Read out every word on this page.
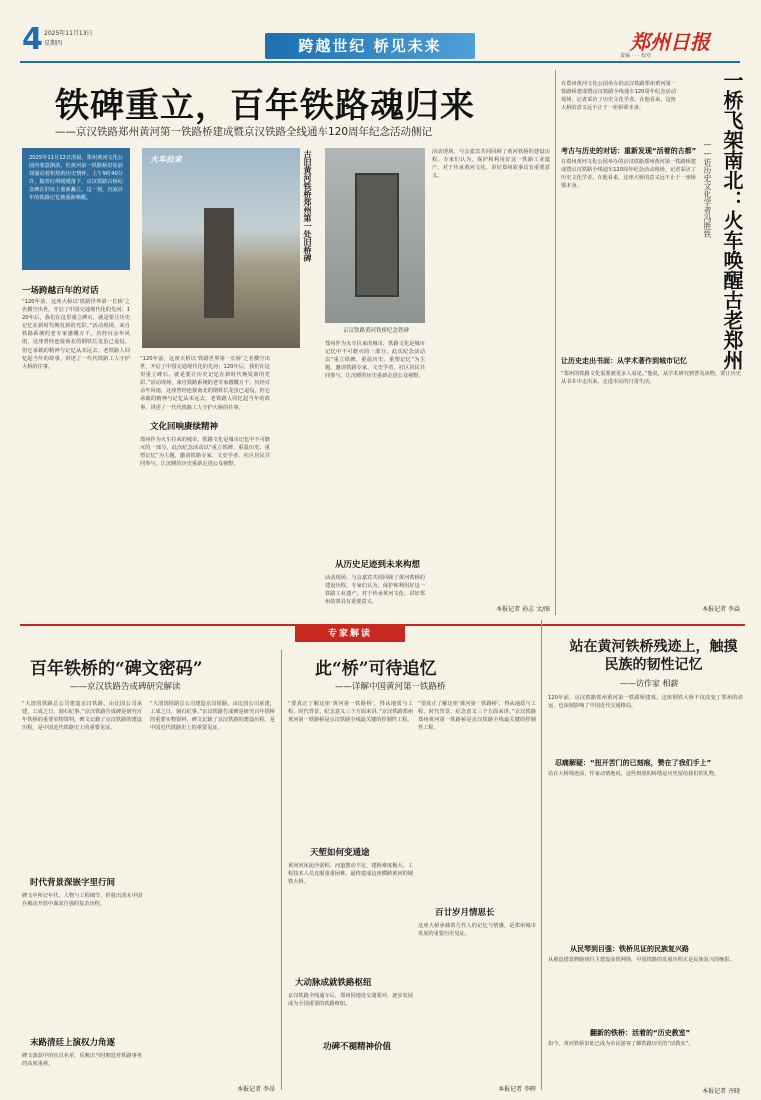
4 2025年11月13日
星期四	跨越世纪 桥见未来	郑州日报
责编 · · · 校对
铁碑重立，百年铁路魂归来
——京汉铁路郑州黄河第一铁路桥建成暨京汉铁路全线通车120周年纪念活动侧记
2025年11月12日清晨，郑州黄河文化公园内寒意渐浓，但黄河第一铁路桥旧址前却涌动着炽热的历史情怀。上午9时40分许，随着红绸缓缓落下，京汉铁路古桥纪念碑在旧址上重新矗立。这一刻，沉寂百年的铁路记忆被重新唤醒。
火车拉来	古旧黄河铁桥郑州第一处旧桥碑
京汉铁路黄河铁桥纪念铁碑
一场跨越百年的对话
“120年前，这座大桥以‘铁路世界第一长桥’之名横空出世，开启了中国交通现代化的先河；120年后，我们在这里重立碑石，就是要让历史记忆在新时代焕发新的光彩。”活动现场，来自铁路系统的老专家感慨万千。历经百余年风雨，这座曾经连接南北的钢铁长龙虽已退役，但它承载的精神与记忆从未远去。老铁路人回忆起当年的故事，讲述了一代代铁路工人守护大桥的往事。
“120年前，这座大桥以‘铁路世界第一长桥’之名横空出世，开启了中国交通现代化的先河；120年后，我们在这里重立碑石，就是要让历史记忆在新时代焕发新的光彩。”活动现场，来自铁路系统的老专家感慨万千。历经百余年风雨，这座曾经连接南北的钢铁长龙虽已退役，但它承载的精神与记忆从未远去。老铁路人回忆起当年的故事，讲述了一代代铁路工人守护大桥的往事。
文化回响赓续精神
郑州作为火车拉来的城市，铁路文化是城市记忆中不可磨灭的一部分。此次纪念活动以“重立铁碑、重温历史、重塑记忆”为主题，邀请铁路专家、文史学者、社区居民共同参与，让沉睡的历史重新走进公众视野。
郑州作为火车拉来的城市，铁路文化是城市记忆中不可磨灭的一部分。此次纪念活动以“重立铁碑、重温历史、重塑记忆”为主题，邀请铁路专家、文史学者、社区居民共同参与，让沉睡的历史重新走进公众视野。
从历史足迹到未来构想
活动现场，与会嘉宾共同回顾了黄河铁桥的建设历程。专家们认为，保护和利用好这一铁路工业遗产，对于传承黄河文化、讲好郑州故事具有重要意义。
活动现场，与会嘉宾共同回顾了黄河铁桥的建设历程。专家们认为，保护和利用好这一铁路工业遗产，对于传承黄河文化、讲好郑州故事具有重要意义。
本报记者 孙志 文/图
在郑州黄河文化公园举办的京汉铁路郑州黄河第一铁路桥建成暨京汉铁路全线通车120周年纪念活动现场，记者采访了历史文化学者。在他看来，这座大桥的意义远不止于一座桥梁本身。	一桥飞架南北：火车唤醒古老郑州
——访历史文化学者冯胜铁
考古与历史的对话：重新发现“活着的古都”
在郑州黄河文化公园举办的京汉铁路郑州黄河第一铁路桥建成暨京汉铁路全线通车120周年纪念活动现场，记者采访了历史文化学者。在他看来，这座大桥的意义远不止于一座桥梁本身。
让历史走出书面：从学术著作到城市记忆
“郑州的铁路文化需要被更多人看见。”他说，从学术研究到普及读物，要让历史从书本中走出来，走进市民的日常生活。
本报记者 李焱
专家解读
百年铁桥的“碑文密码”
——京汉铁路告成碑研究解读
“大清国铁路总公司建造京汉铁路，由比国公司承建，工成之日，刻石纪事。”京汉铁路告成碑是研究百年铁桥的重要实物资料，碑文记载了京汉铁路的建设历程，是中国近代铁路史上的重要见证。
时代背景深嵌字里行间
碑文中所记年代、人物与工程细节，折射出清末中国在被动开放中谋求自强的复杂历程。
末路清廷上演权力角逐
碑文落款中的官员名单，反映出当时朝廷对铁路事务的高度重视。
“大清国铁路总公司建造京汉铁路，由比国公司承建，工成之日，刻石纪事。”京汉铁路告成碑是研究百年铁桥的重要实物资料，碑文记载了京汉铁路的建设历程，是中国近代铁路史上的重要见证。
本报记者 李昂
此“桥”可待追忆
——详解中国黄河第一铁路桥
“要真正了解这座‘黄河第一铁路桥’，得从地质与工程、时代背景、纪念意义三个方面来讲。”京汉铁路郑州黄河第一铁路桥是京汉铁路全线最关键的控制性工程。
天堑如何变通途
黄河河床泥沙淤积、河道摆动不定，建桥难度极大。工程技术人员克服重重困难，最终建成这座横跨黄河的钢铁大桥。
大动脉成就铁路枢纽
京汉铁路全线通车后，郑州因地处交通要冲，逐步发展成为全国重要的铁路枢纽。
“要真正了解这座‘黄河第一铁路桥’，得从地质与工程、时代背景、纪念意义三个方面来讲。”京汉铁路郑州黄河第一铁路桥是京汉铁路全线最关键的控制性工程。
功碑不褪精神价值
百廿岁月情思长
这座大桥承载着几代人的记忆与情感，是郑州城市发展的重要历史见证。
本报记者 李晖
站在黄河铁桥残迹上，触摸民族的韧性记忆
——访作家 相薪
120年前，京汉铁路郑州黄河第一铁路桥建成，这座钢铁大桥不仅改变了郑州的命运，也深刻影响了中国近代交通格局。
忍痛解疑：“扭开苦门的已刻痕，赞在了我们手上”
站在大桥残迹前，作家动情地说，这些斑驳的桥墩是历史留给我们的礼物。
从民琴到目强：铁桥见证的民族复兴路
从被迫借款修路到自主建设高铁网络，中国铁路的发展历程正是民族复兴的缩影。
翻新的铁桥：活着的“历史教室”
如今，黄河铁桥旧址已成为市民游客了解铁路历史的“活教室”。
本报记者 齐晓
